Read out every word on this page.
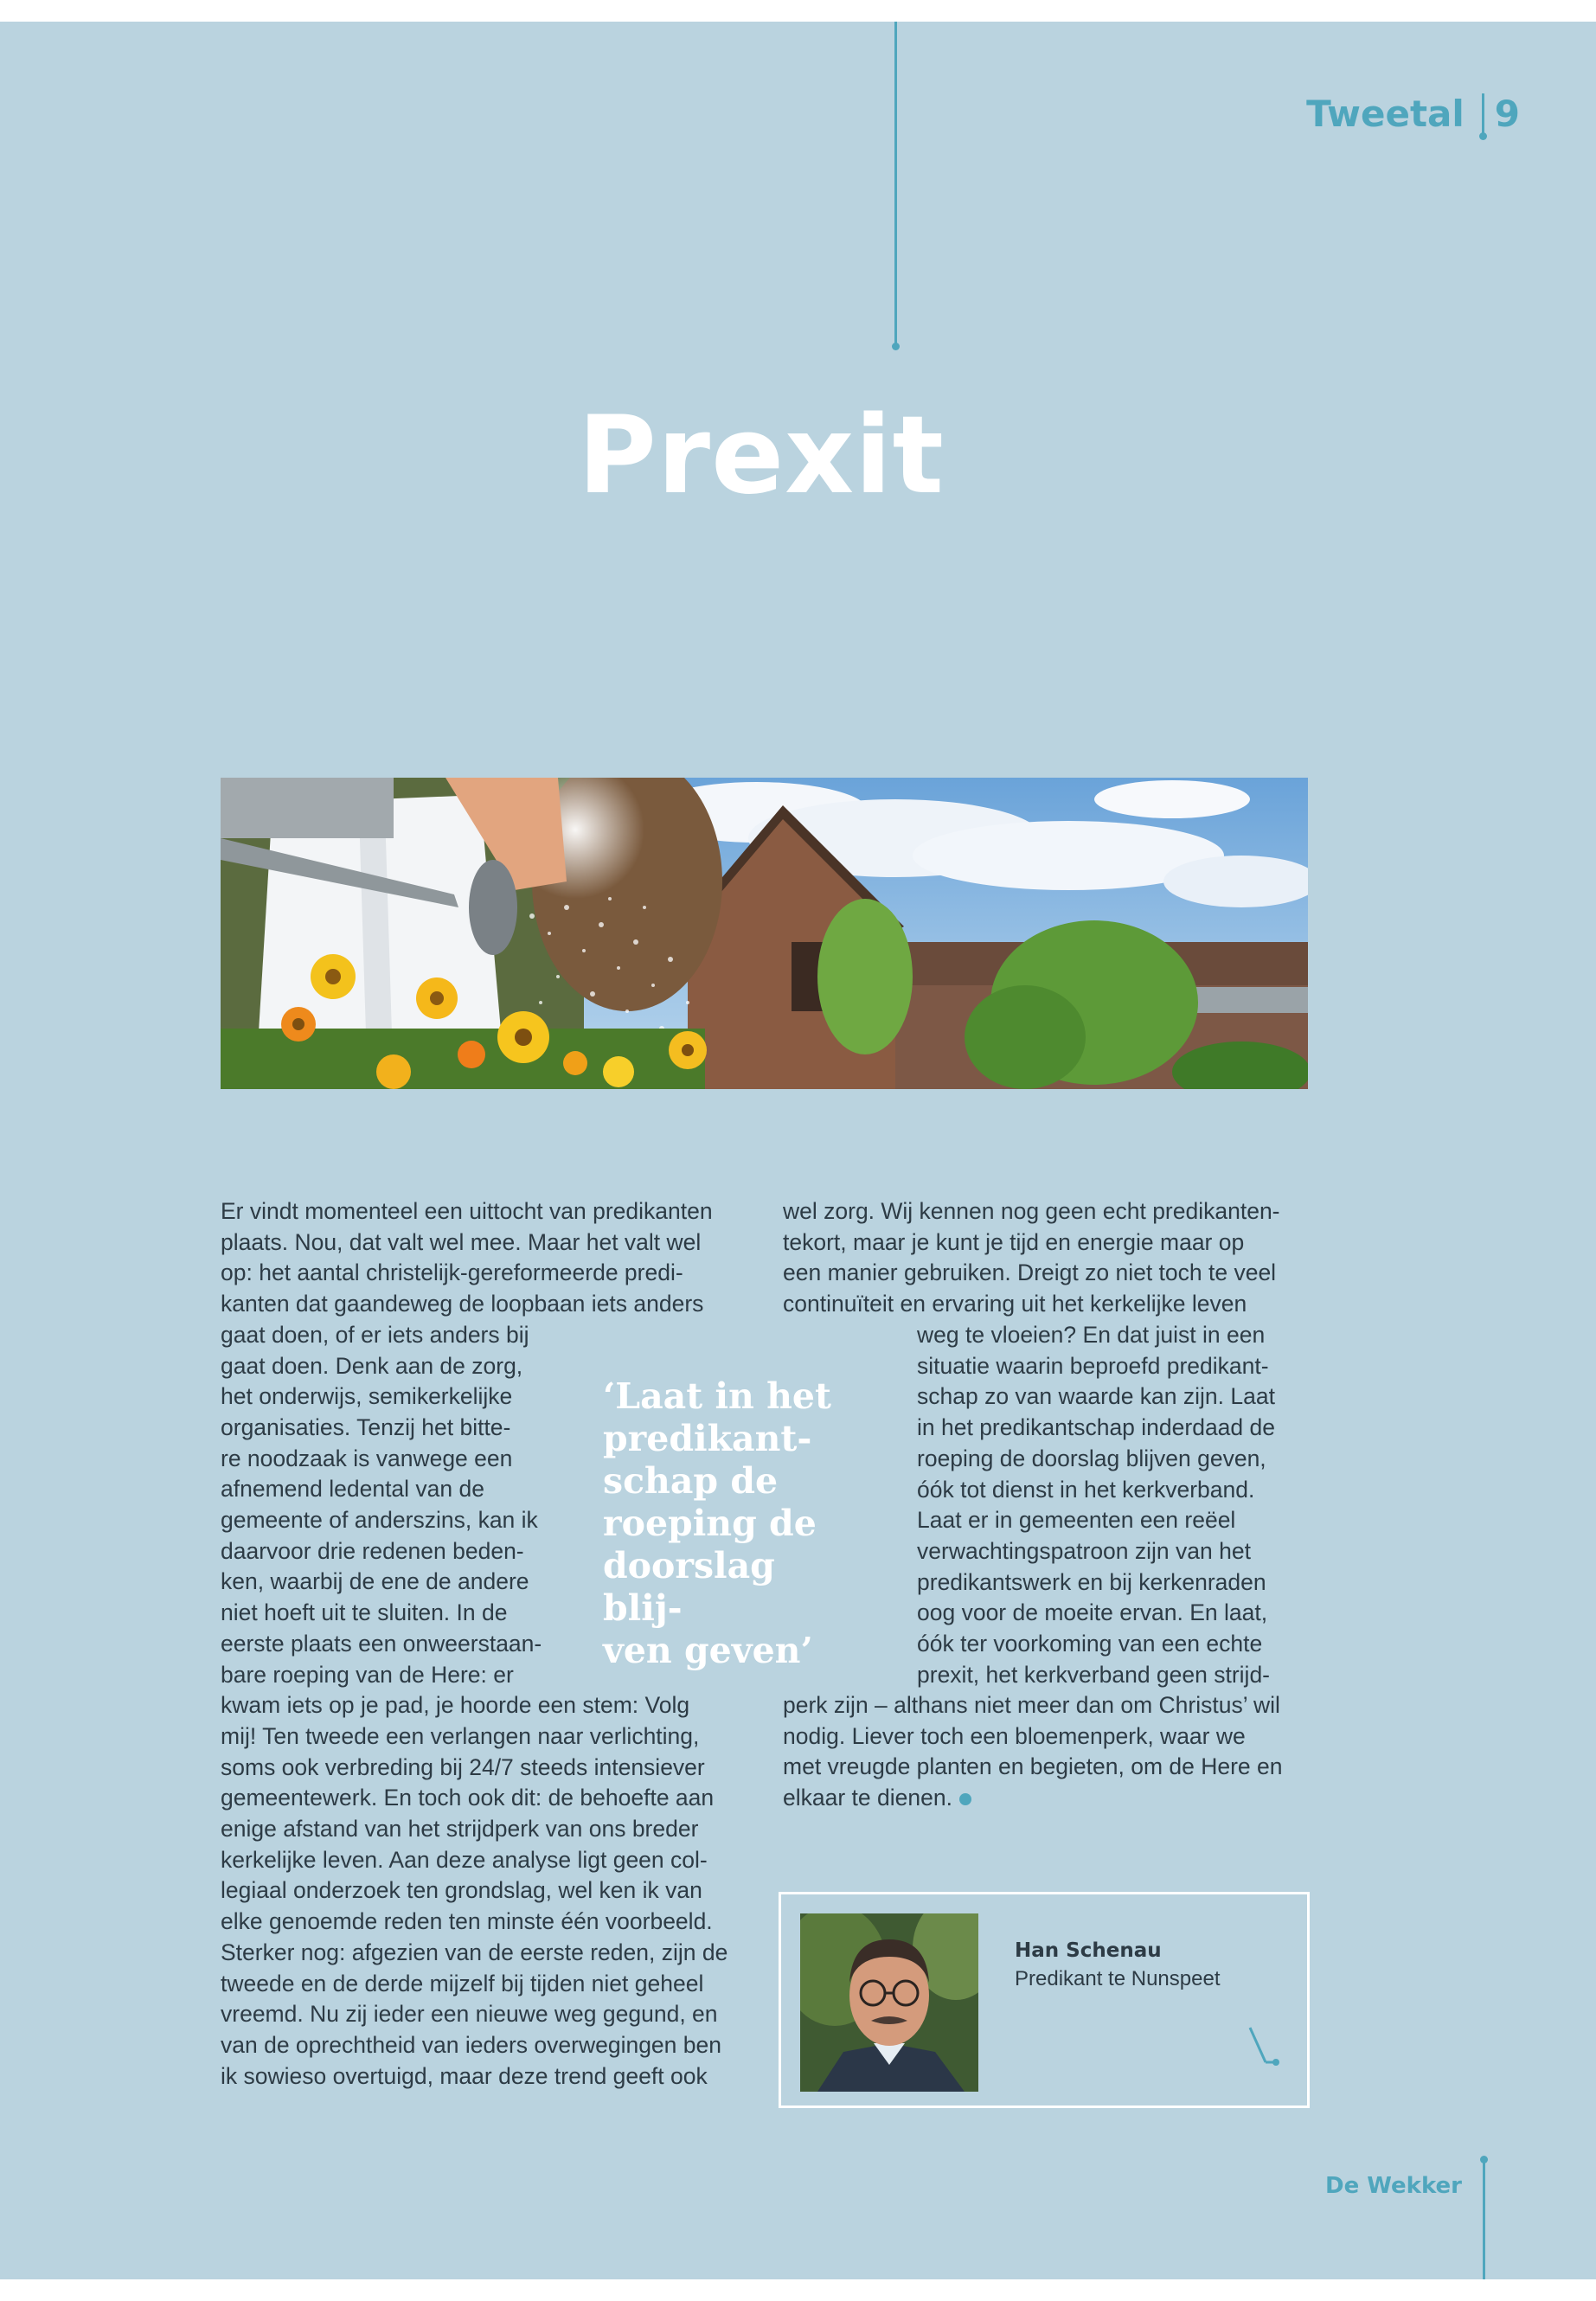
Tweetal 9
Prexit
Er vindt momenteel een uittocht van predikanten
plaats. Nou, dat valt wel mee. Maar het valt wel
op: het aantal christelijk-gereformeerde predi-
kanten dat gaandeweg de loopbaan iets anders
gaat doen, of er iets anders bij
gaat doen. Denk aan de zorg,
het onderwijs, semikerkelijke
organisaties. Tenzij het bitte-
re noodzaak is vanwege een
afnemend ledental van de
gemeente of anderszins, kan ik
daarvoor drie redenen beden-
ken, waarbij de ene de andere
niet hoeft uit te sluiten. In de
eerste plaats een onweerstaan-
bare roeping van de Here: er
kwam iets op je pad, je hoorde een stem: Volg
mij! Ten tweede een verlangen naar verlichting,
soms ook verbreding bij 24/7 steeds intensiever
gemeentewerk. En toch ook dit: de behoefte aan
enige afstand van het strijdperk van ons breder
kerkelijke leven. Aan deze analyse ligt geen col-
legiaal onderzoek ten grondslag, wel ken ik van
elke genoemde reden ten minste één voorbeeld.
Sterker nog: afgezien van de eerste reden, zijn de
tweede en de derde mijzelf bij tijden niet geheel
vreemd. Nu zij ieder een nieuwe weg gegund, en
van de oprechtheid van ieders overwegingen ben
ik sowieso overtuigd, maar deze trend geeft ook
‘Laat in het
predikant-
schap de
roeping de
doorslag blij-
ven geven’
wel zorg. Wij kennen nog geen echt predikanten-
tekort, maar je kunt je tijd en energie maar op
een manier gebruiken. Dreigt zo niet toch te veel
continuïteit en ervaring uit het kerkelijke leven
weg te vloeien? En dat juist in een
situatie waarin beproefd predikant-
schap zo van waarde kan zijn. Laat
in het predikantschap inderdaad de
roeping de doorslag blijven geven,
óók tot dienst in het kerkverband.
Laat er in gemeenten een reëel
verwachtingspatroon zijn van het
predikantswerk en bij kerkenraden
oog voor de moeite ervan. En laat,
óók ter voorkoming van een echte
prexit, het kerkverband geen strijd-
perk zijn – althans niet meer dan om Christus’ wil
nodig. Liever toch een bloemenperk, waar we
met vreugde planten en begieten, om de Here en
elkaar te dienen.
Han Schenau
Predikant te Nunspeet
De Wekker
